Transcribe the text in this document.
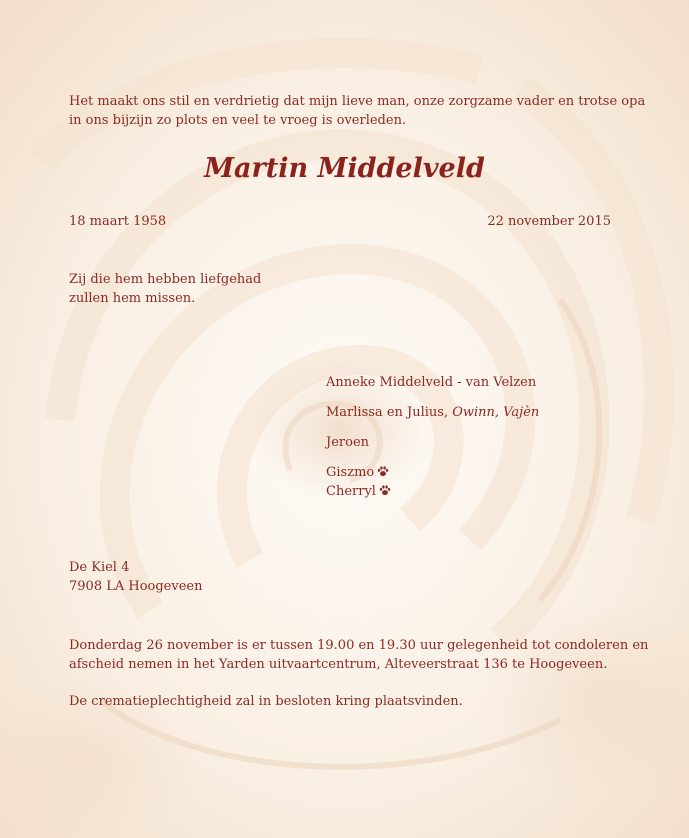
Het maakt ons stil en verdrietig dat mijn lieve man, onze zorgzame vader en trotse opa
in ons bijzijn zo plots en veel te vroeg is overleden.

Martin Middelveld

18 maart 1958	22 november 2015

Zij die hem hebben liefgehad
zullen hem missen.

Anneke Middelveld - van Velzen

Marlissa en Julius, Owinn, Vajèn

Jeroen

Giszmo

Cherryl

De Kiel 4
7908 LA Hoogeveen

Donderdag 26 november is er tussen 19.00 en 19.30 uur gelegenheid tot condoleren en
afscheid nemen in het Yarden uitvaartcentrum, Alteveerstraat 136 te Hoogeveen.

De crematieplechtigheid zal in besloten kring plaatsvinden.
